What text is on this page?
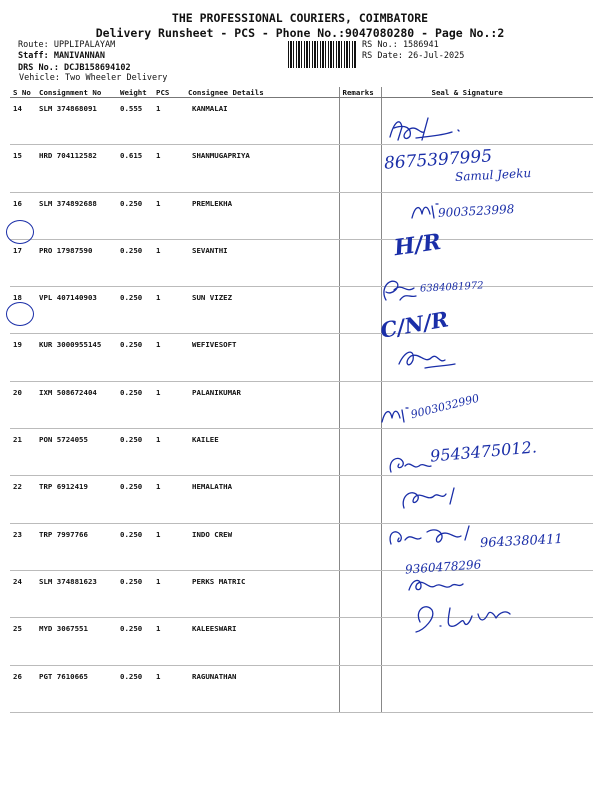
THE PROFESSIONAL COURIERS, COIMBATORE
Delivery Runsheet - PCS - Phone No.:9047080280 - Page No.:2
Route: UPPLIPALAYAM
Staff: MANIVANNAN
RS No.: 1586941
RS Date: 26-Jul-2025
DRS No.: DCJB158694102
Vehicle: Two Wheeler Delivery
S No	Consignment No	Weight	PCS	Consignee Details	Remarks	Seal & Signature
14	SLM 374868091	0.555	1	KANMALAI		
15	HRD 704112582	0.615	1	SHANMUGAPRIYA		
16	SLM 374892688	0.250	1	PREMLEKHA		
17	PRO 17987590	0.250	1	SEVANTHI		
18	VPL 407140903	0.250	1	SUN VIZEZ		
19	KUR 3000955145	0.250	1	WEFIVESOFT		
20	IXM 508672404	0.250	1	PALANIKUMAR		
21	PON 5724055	0.250	1	KAILEE		
22	TRP 6912419	0.250	1	HEMALATHA		
23	TRP 7997766	0.250	1	INDO CREW		
24	SLM 374881623	0.250	1	PERKS MATRIC		
25	MYD 3067551	0.250	1	KALEESWARI		
26	PGT 7610665	0.250	1	RAGUNATHAN		
8675397995
Samul Jeeku
9003523998
H/R
6384081972
C/N/R
9003032990
9543475012.
9643380411
9360478296
